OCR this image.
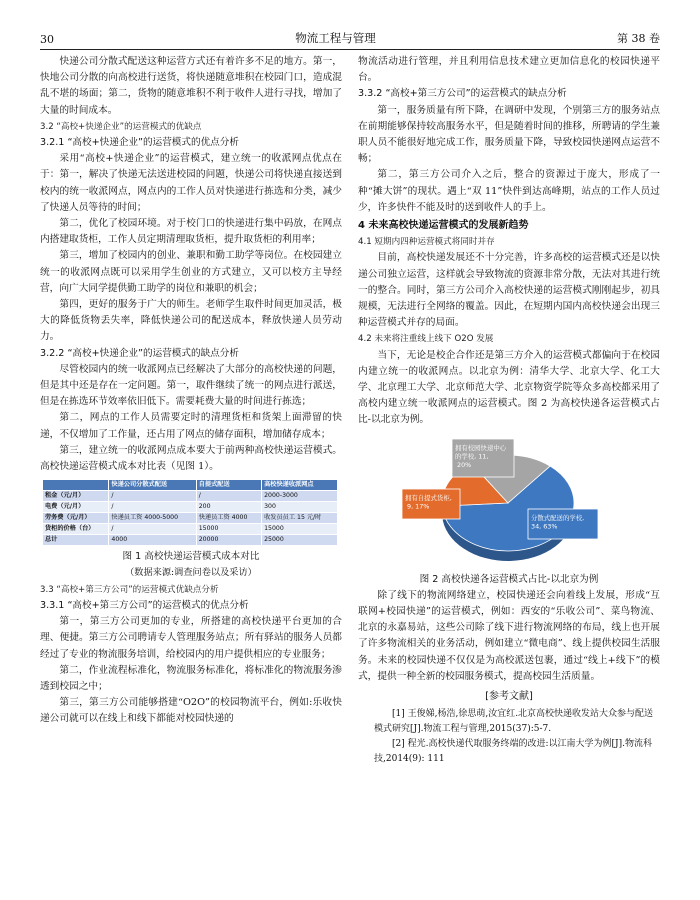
30	物流工程与管理	第 38 卷

快递公司分散式配送这种运营方式还有着许多不足的地方。第一，快地公司分散的向高校进行送货，将快递随意堆积在校园门口，造成混乱不堪的场面；第二，货物的随意堆积不利于收件人进行寻找，增加了大量的时间成本。

3.2 “高校+快递企业”的运营模式的优缺点
3.2.1 “高校+快递企业”的运营模式的优点分析

采用“高校+快递企业”的运营模式，建立统一的收派网点优点在于：第一，解决了快递无法送进校园的问题，快递公司将快递直接送到校内的统一收派网点，网点内的工作人员对快递进行拣选和分类，减少了快递人员等待的时间；

第二，优化了校园环境。对于校门口的快递进行集中码放，在网点内搭建取货柜，工作人员定期清理取货柜，提升取货柜的利用率；

第三，增加了校园内的创业、兼职和勤工助学等岗位。在校园建立统一的收派网点既可以采用学生创业的方式建立，又可以校方主导经营，向广大同学提供勤工助学的岗位和兼职的机会；

第四，更好的服务于广大的师生。老师学生取件时间更加灵活，极大的降低货物丢失率，降低快递公司的配送成本，释放快递人员劳动力。

3.2.2 “高校+快递企业”的运营模式的缺点分析

尽管校园内的统一收派网点已经解决了大部分的高校快递的问题，但是其中还是存在一定问题。第一，取件继续了统一的网点进行派送，但是在拣选环节效率依旧低下。需要耗费大量的时间进行拣选；

第二，网点的工作人员需要定时的清理货柜和货架上面滞留的快递，不仅增加了工作量，还占用了网点的储存面积，增加储存成本；

第三，建立统一的收派网点成本要大于前两种高校快递运营模式。高校快递运营模式成本对比表（见图 1）。

	快递公司分散式配送	自提式配送	高校快递收派网点
租金（元/月）	/	/	2000-3000
电费（元/月）	/	200	300
劳务费（元/月）	快递员工资 4000-5000	快递员工资 4000	收发员员工 15 元/时
货柜的价格（台）	/	15000	15000
总计	4000	20000	25000
图 1 高校快递运营模式成本对比
（数据来源:调查问卷以及采访）
3.3 “高校+第三方公司”的运营模式优缺点分析
3.3.1 “高校+第三方公司”的运营模式的优点分析

第一，第三方公司更加的专业，所搭建的高校快递平台更加的合理、便捷。第三方公司聘请专人管理服务站点；所有驿站的服务人员都经过了专业的物流服务培训，给校园内的用户提供相应的专业服务；

第二，作业流程标准化，物流服务标准化，将标准化的物流服务渗透到校园之中；

第三，第三方公司能够搭建“O2O”的校园物流平台，例如:乐收快递公司就可以在线上和线下都能对校园快递的

物流活动进行管理，并且利用信息技术建立更加信息化的校园快递平台。

3.3.2 “高校+第三方公司”的运营模式的缺点分析

第一，服务质量有所下降，在调研中发现，个别第三方的服务站点在前期能够保持较高服务水平，但是随着时间的推移，所聘请的学生兼职人员不能很好地完成工作，服务质量下降，导致校园快递网点运营不畅；

第二，第三方公司介入之后，整合的资源过于庞大，形成了一种“摊大饼”的现状。遇上“双 11”快件到达高峰期，站点的工作人员过少，许多快件不能及时的送到收件人的手上。

4 未来高校快递运营模式的发展新趋势
4.1 短期内四种运营模式将同时并存

目前，高校快递发展还不十分完善，许多高校的运营模式还是以快递公司独立运营，这样就会导致物流的资源非常分散，无法对其进行统一的整合。同时，第三方公司介入高校快递的运营模式刚刚起步，初具规模，无法进行全网络的覆盖。因此，在短期内国内高校快递会出现三种运营模式并存的局面。

4.2 未来将注重线上线下 O2O 发展

当下，无论是校企合作还是第三方介入的运营模式都偏向于在校园内建立统一的收派网点。以北京为例：清华大学、北京大学、化工大学、北京理工大学、北京师范大学、北京物资学院等众多高校都采用了高校内建立统一收派网点的运营模式。图 2 为高校快递各运营模式占比-以北京为例。

分散式配送的学校, 34, 63%
拥有自提式货柜, 9, 17%
拥有校园快递中心的学校, 11, 20%
图 2 高校快递各运营模式占比-以北京为例

除了线下的物流网络建立，校园快递还会向着线上发展，形成“互联网+校园快递”的运营模式，例如：西安的“乐收公司”、菜鸟物流、北京的永嘉易站，这些公司除了线下进行物流网络的布局，线上也开展了许多物流相关的业务活动，例如建立“微电商”、线上提供校园生活服务。未来的校园快递不仅仅是为高校派送包裹，通过“线上+线下”的模式，提供一种全新的校园服务模式，提高校园生活质量。

[参考文献]

[1] 王俊娣,杨浩,徐思萌,汝宜红.北京高校快递收发站大众参与配送模式研究[J].物流工程与管理,2015(37):5-7.

[2] 程光.高校快递代取服务终端的改进:以江南大学为例[J].物流科技,2014(9): 111
